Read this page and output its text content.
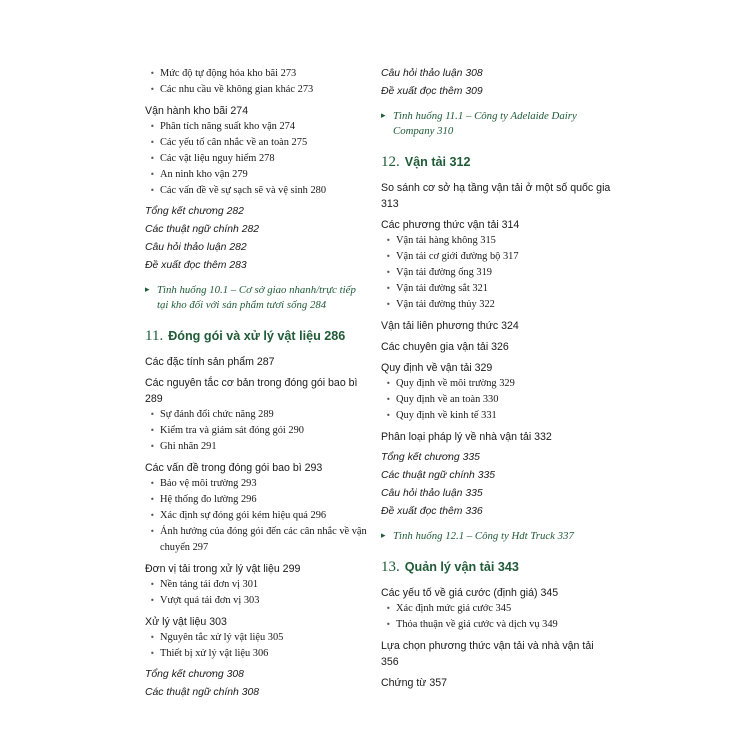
• Mức độ tự động hóa kho bãi 273
• Các nhu cầu về không gian khác 273
Vận hành kho bãi 274
• Phân tích năng suất kho vận 274
• Các yếu tố cân nhắc về an toàn 275
• Các vật liệu nguy hiểm 278
• An ninh kho vận 279
• Các vấn đề về sự sạch sẽ và vệ sinh 280
Tổng kết chương 282
Các thuật ngữ chính 282
Câu hỏi thảo luận 282
Đề xuất đọc thêm 283
▸ Tình huống 10.1 – Cơ sở giao nhanh/trực tiếp tại kho đối với sản phẩm tươi sống 284
11. Đóng gói và xử lý vật liệu 286
Các đặc tính sản phẩm 287
Các nguyên tắc cơ bản trong đóng gói bao bì 289
• Sự đánh đổi chức năng 289
• Kiểm tra và giám sát đóng gói 290
• Ghi nhãn 291
Các vấn đề trong đóng gói bao bì 293
• Bảo vệ môi trường 293
• Hệ thống đo lường 296
• Xác định sự đóng gói kém hiệu quả 296
• Ảnh hưởng của đóng gói đến các cân nhắc về vận chuyển 297
Đơn vị tải trong xử lý vật liệu 299
• Nền tảng tải đơn vị 301
• Vượt quá tải đơn vị 303
Xử lý vật liệu 303
• Nguyên tắc xử lý vật liệu 305
• Thiết bị xử lý vật liệu 306
Tổng kết chương 308
Các thuật ngữ chính 308
Câu hỏi thảo luận 308
Đề xuất đọc thêm 309
▸ Tình huống 11.1 – Công ty Adelaide Dairy Company 310
12. Vận tải 312
So sánh cơ sở hạ tầng vận tải ở một số quốc gia 313
Các phương thức vận tải 314
• Vận tải hàng không 315
• Vận tải cơ giới đường bộ 317
• Vận tải đường ống 319
• Vận tải đường sắt 321
• Vận tải đường thủy 322
Vận tải liên phương thức 324
Các chuyên gia vận tải 326
Quy định về vận tải 329
• Quy định về môi trường 329
• Quy định về an toàn 330
• Quy định về kinh tế 331
Phân loại pháp lý về nhà vận tải 332
Tổng kết chương 335
Các thuật ngữ chính 335
Câu hỏi thảo luận 335
Đề xuất đọc thêm 336
▸ Tình huống 12.1 – Công ty Hdt Truck 337
13. Quản lý vận tải 343
Các yếu tố về giá cước (định giá) 345
• Xác định mức giá cước 345
• Thỏa thuận về giá cước và dịch vụ 349
Lựa chọn phương thức vận tải và nhà vận tải 356
Chứng từ 357
